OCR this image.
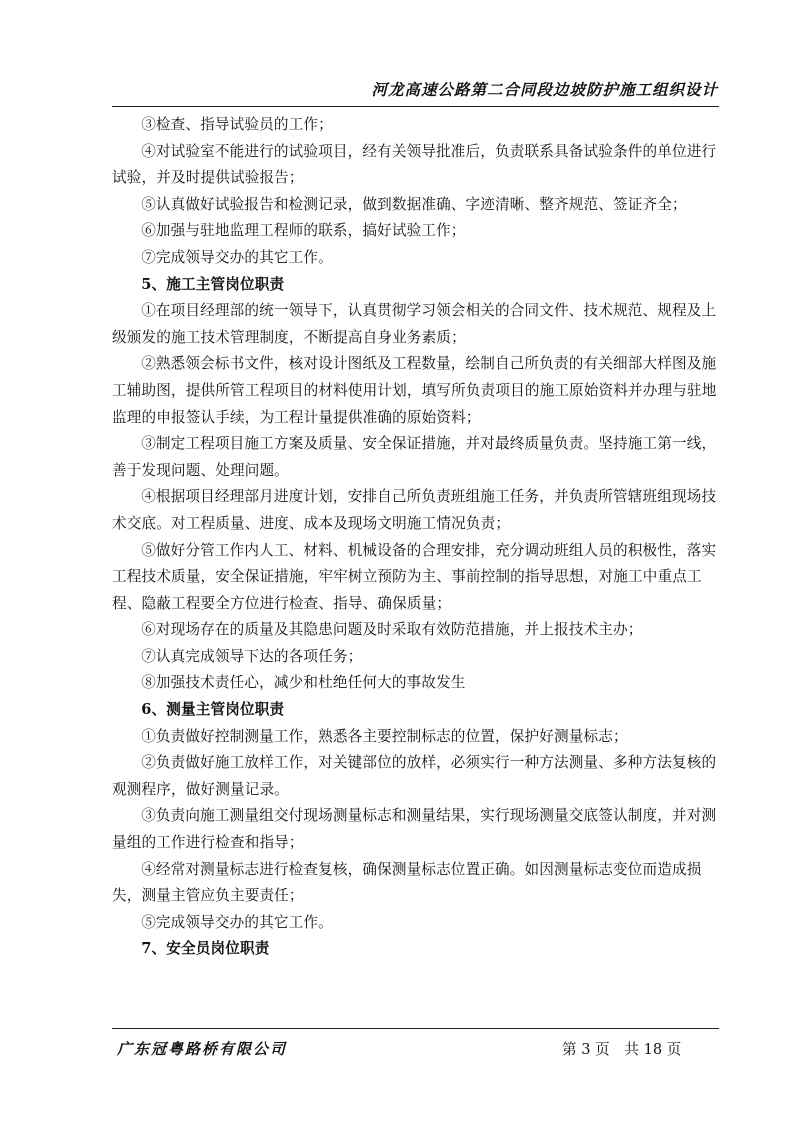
河龙高速公路第二合同段边坡防护施工组织设计

③检查、指导试验员的工作；

④对试验室不能进行的试验项目，经有关领导批准后，负责联系具备试验条件的单位进行试验，并及时提供试验报告；

⑤认真做好试验报告和检测记录，做到数据准确、字迹清晰、整齐规范、签证齐全；

⑥加强与驻地监理工程师的联系，搞好试验工作；

⑦完成领导交办的其它工作。

5、施工主管岗位职责

①在项目经理部的统一领导下，认真贯彻学习领会相关的合同文件、技术规范、规程及上级颁发的施工技术管理制度，不断提高自身业务素质；

②熟悉领会标书文件，核对设计图纸及工程数量，绘制自己所负责的有关细部大样图及施工辅助图，提供所管工程项目的材料使用计划，填写所负责项目的施工原始资料并办理与驻地监理的申报签认手续，为工程计量提供准确的原始资料；

③制定工程项目施工方案及质量、安全保证措施，并对最终质量负责。坚持施工第一线，善于发现问题、处理问题。

④根据项目经理部月进度计划，安排自己所负责班组施工任务，并负责所管辖班组现场技术交底。对工程质量、进度、成本及现场文明施工情况负责；

⑤做好分管工作内人工、材料、机械设备的合理安排，充分调动班组人员的积极性，落实工程技术质量，安全保证措施，牢牢树立预防为主、事前控制的指导思想，对施工中重点工程、隐蔽工程要全方位进行检查、指导、确保质量；

⑥对现场存在的质量及其隐患问题及时采取有效防范措施，并上报技术主办；

⑦认真完成领导下达的各项任务；

⑧加强技术责任心，减少和杜绝任何大的事故发生

6、测量主管岗位职责

①负责做好控制测量工作，熟悉各主要控制标志的位置，保护好测量标志；

②负责做好施工放样工作，对关键部位的放样，必须实行一种方法测量、多种方法复核的观测程序，做好测量记录。

③负责向施工测量组交付现场测量标志和测量结果，实行现场测量交底签认制度，并对测量组的工作进行检查和指导；

④经常对测量标志进行检查复核，确保测量标志位置正确。如因测量标志变位而造成损失，测量主管应负主要责任；

⑤完成领导交办的其它工作。

7、安全员岗位职责

广东冠粤路桥有限公司	第 3 页　共 18 页
